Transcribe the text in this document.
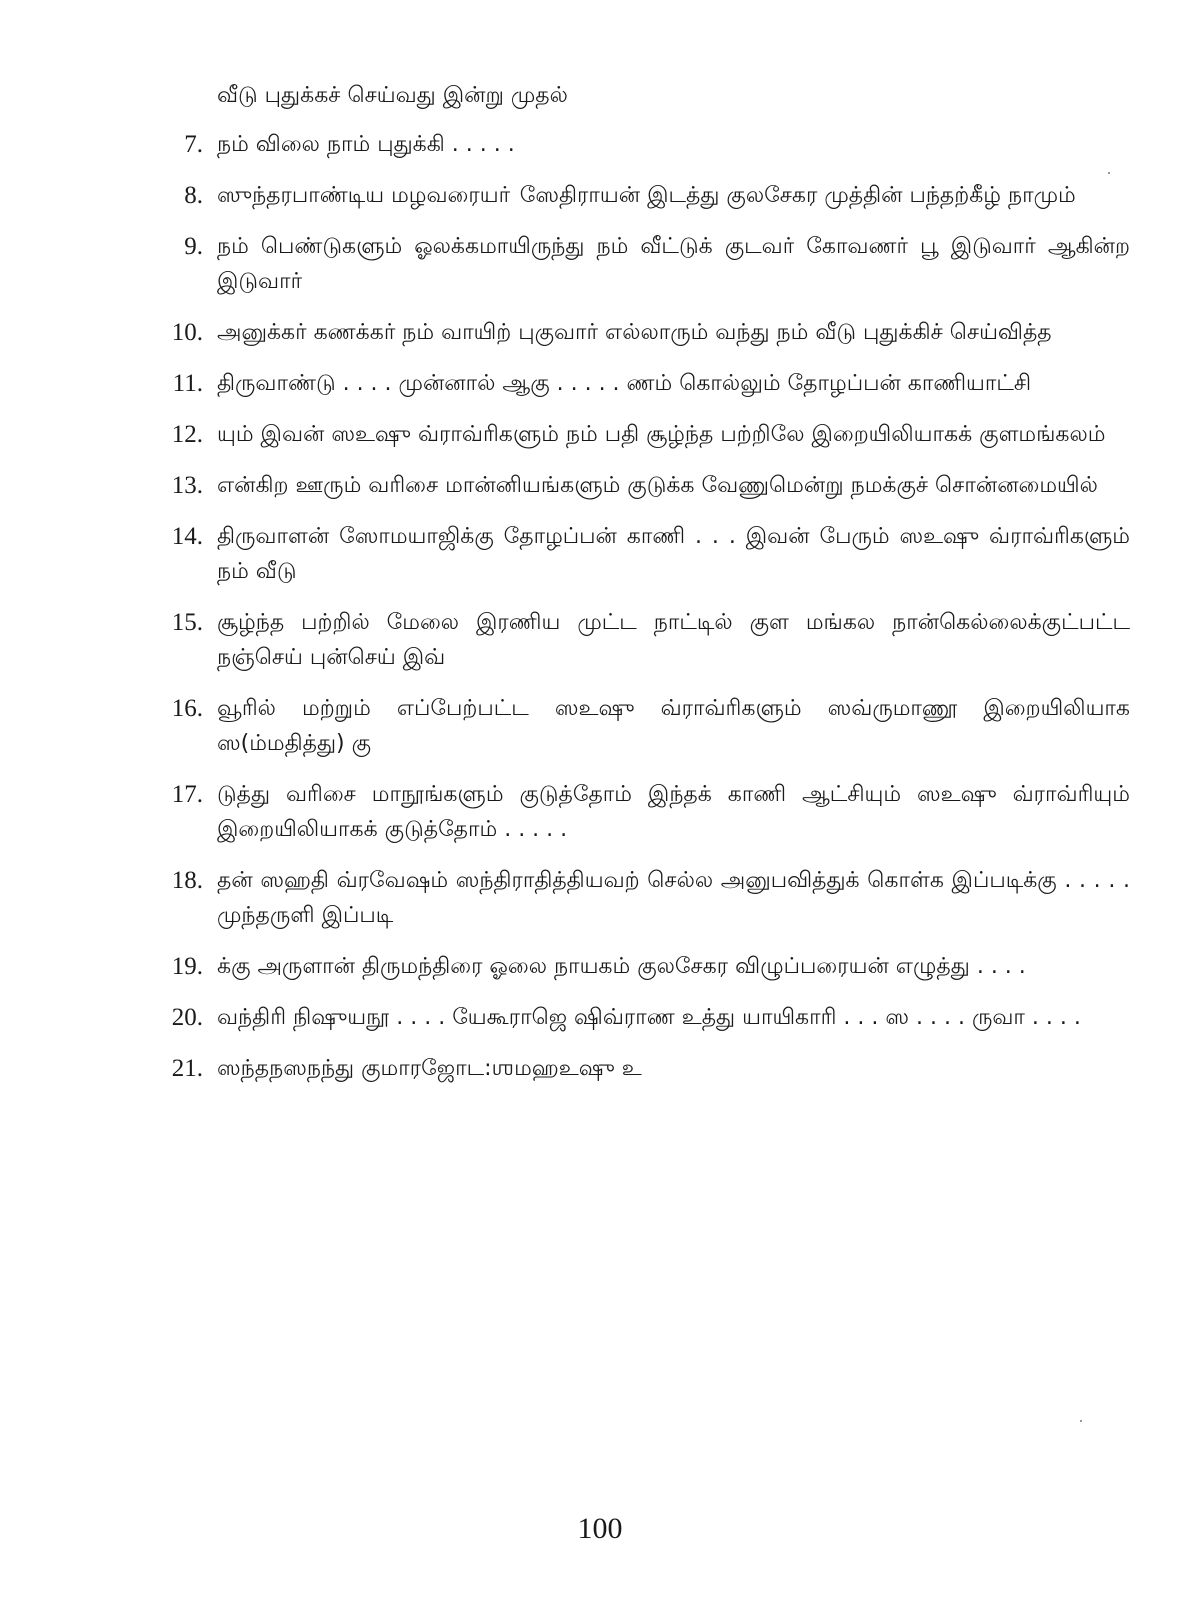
வீடு புதுக்கச் செய்வது இன்று முதல்
7. நம் விலை நாம் புதுக்கி . . . . .
8. ஸுந்தரபாண்டிய மழவரையா் ஸேதிராயன் இடத்து குலசேகர முத்தின் பந்தற்கீழ் நாமும்
9. நம் பெண்டுகளும் ஓலக்கமாயிருந்து நம் வீட்டுக் குடவர் கோவணர் பூ இடுவார் ஆகின்ற இடுவார்
10. அனுக்கர் கணக்கர் நம் வாயிற் புகுவார் எல்லாரும் வந்து நம் வீடு புதுக்கிச் செய்வித்த
11. திருவாண்டு . . . . முன்னால் ஆகு . . . . . ணம் கொல்லும் தோழப்பன் காணியாட்சி
12. யும் இவன் ஸஉஷு வ்ராவ்ரிகளும் நம் பதி சூழ்ந்த பற்றிலே இறையிலியாகக் குளமங்கலம்
13. என்கிற ஊரும் வரிசை மான்னியங்களும் குடுக்க வேணுமென்று நமக்குச் சொன்னமையில்
14. திருவாளன் ஸோமயாஜிக்கு தோழப்பன் காணி . . . இவன் பேரும் ஸஉஷு வ்ராவ்ரிகளும் நம் வீடு
15. சூழ்ந்த பற்றில் மேலை இரணிய முட்ட நாட்டில் குள மங்கல நான்கெல்லைக்குட்பட்ட நஞ்செய் புன்செய் இவ்
16. வூரில் மற்றும் எப்பேற்பட்ட ஸஉஷு வ்ராவ்ரிகளும் ஸவ்ருமாணூ இறையிலியாக ஸ(ம்மதித்து) கு
17. டுத்து வரிசை மாநூங்களும் குடுத்தோம் இந்தக் காணி ஆட்சியும் ஸஉஷு வ்ராவ்ரியும் இறையிலியாகக் குடுத்தோம் . . . . .
18. தன் ஸஹதி வ்ரவேஷம் ஸந்திராதித்தியவற் செல்ல அனுபவித்துக் கொள்க இப்படிக்கு . . . . . முந்தருளி இப்படி
19. க்கு அருளான் திருமந்திரை ஓலை நாயகம் குலசேகர விழுப்பரையன் எழுத்து . . . .
20. வந்திரி நிஷுயநூ . . . . யேகூராஜெ ஷிவ்ராண உத்து யாயிகாரி . . . ஸ . . . . ருவா . . . .
21. ஸந்தநஸநந்து குமாரஜோட:ஶமஹஉஷு உ
100
